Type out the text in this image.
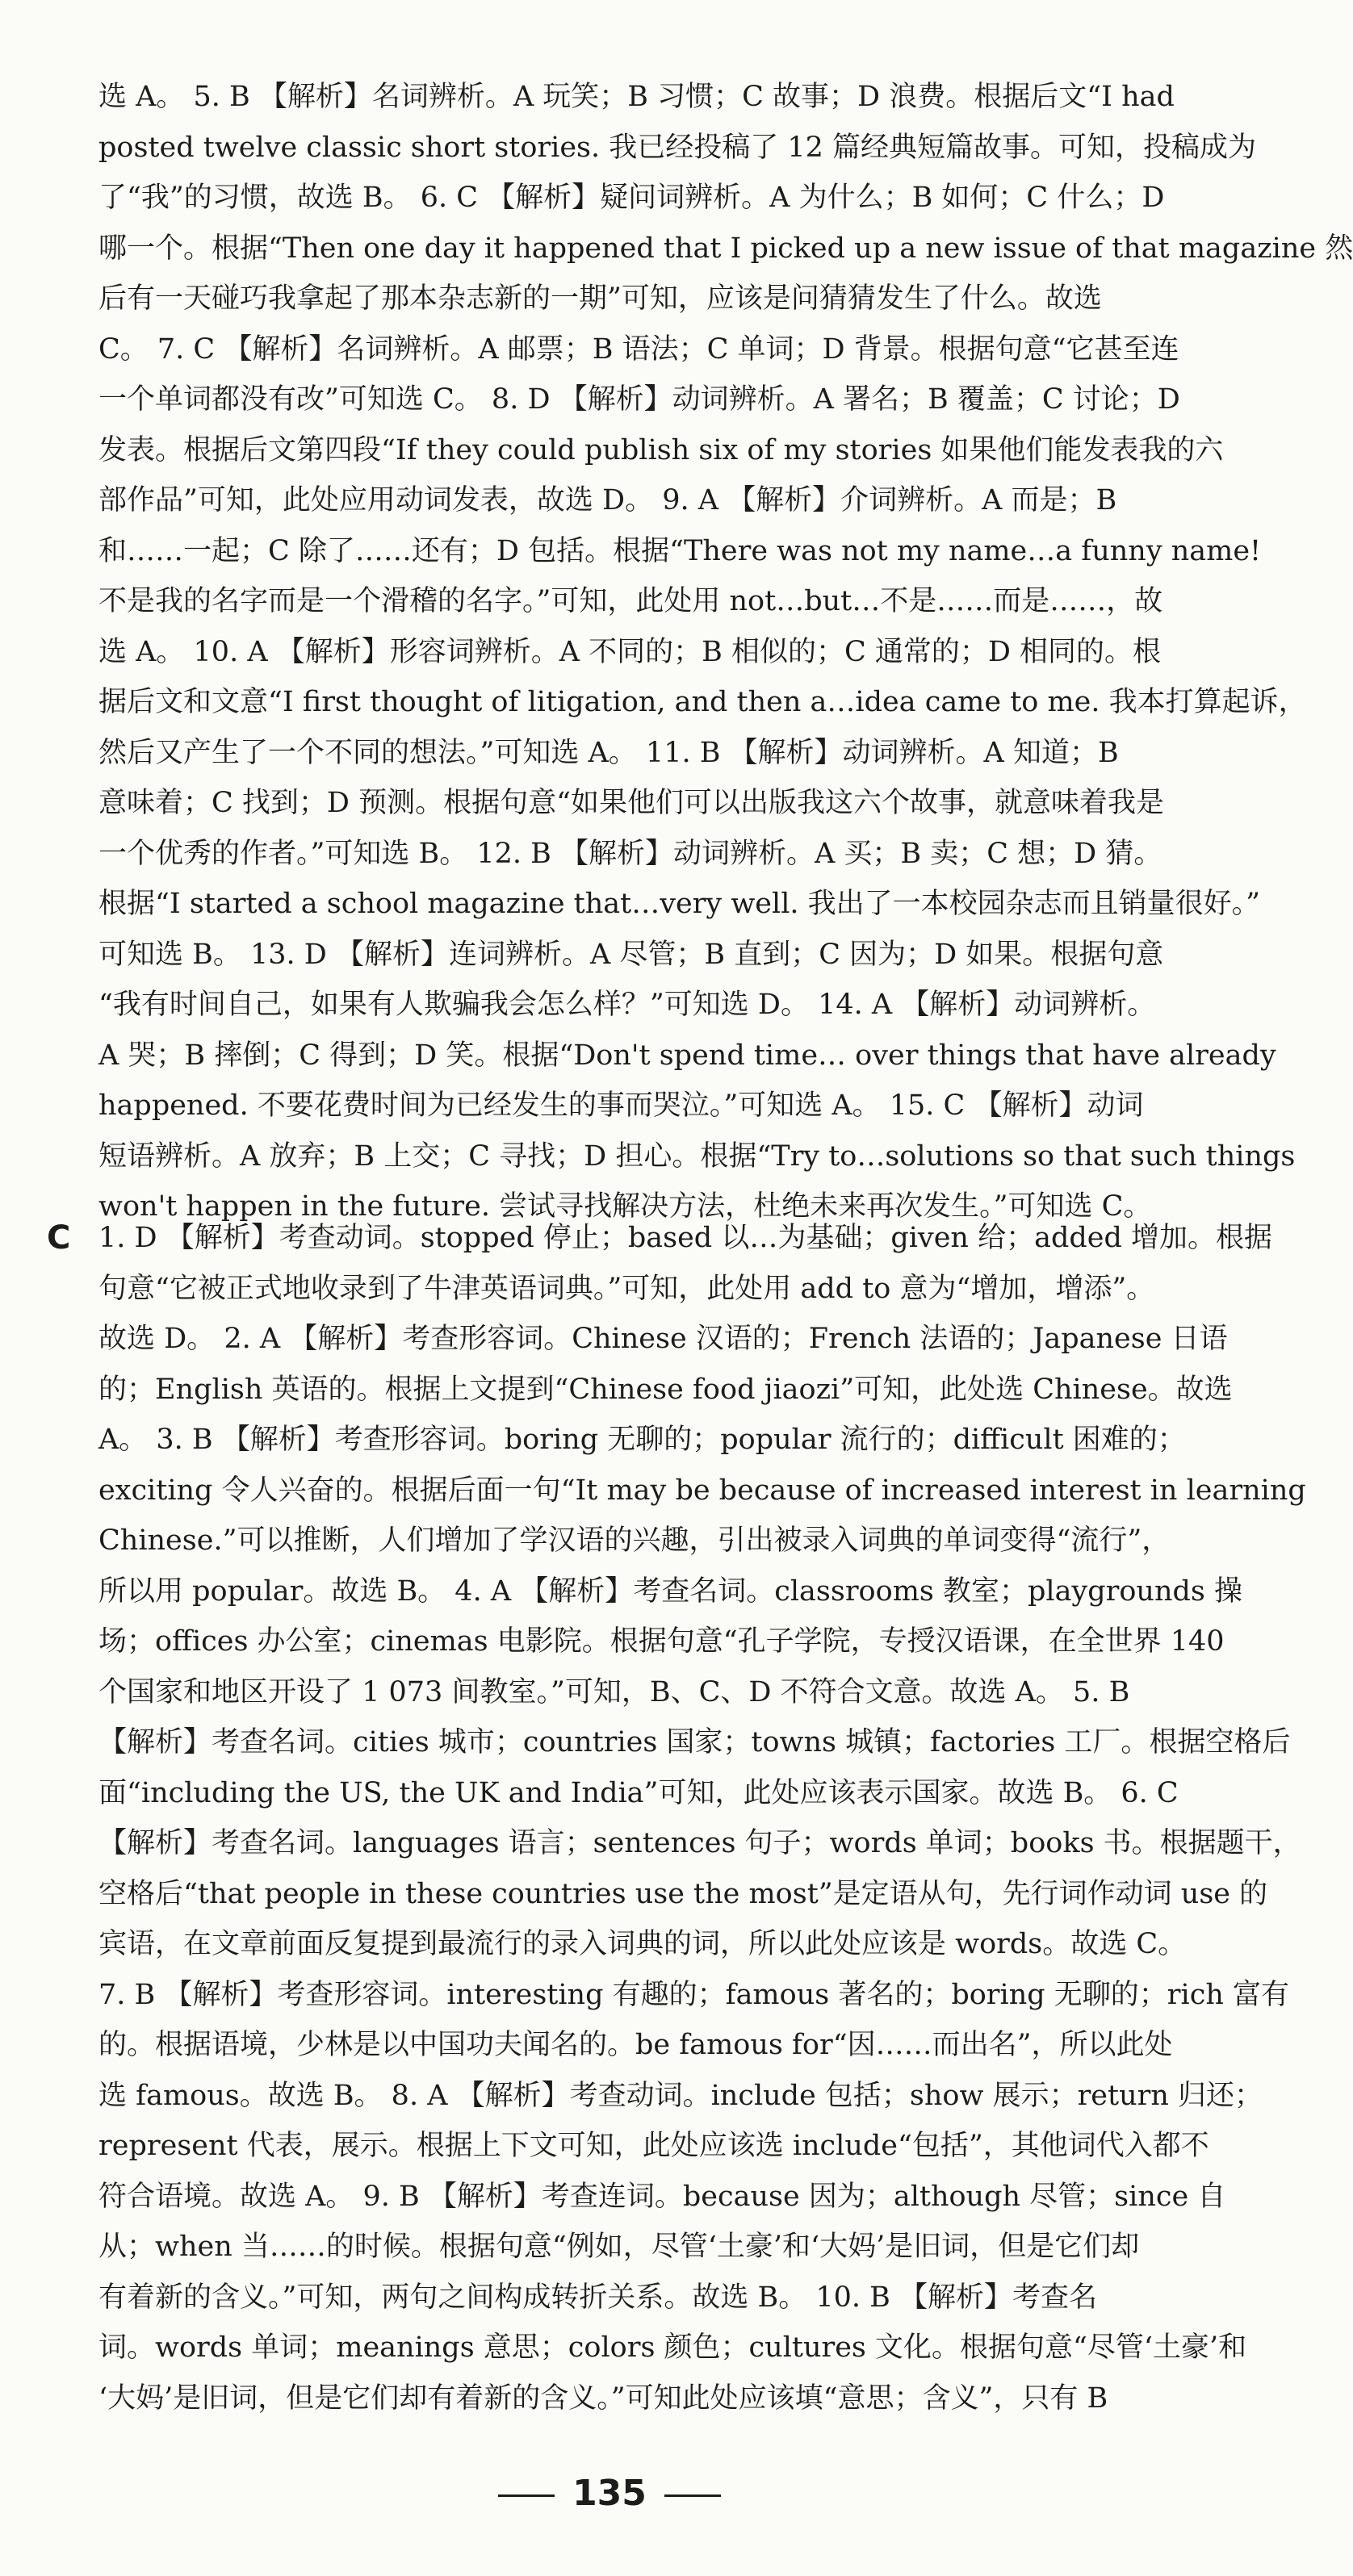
选 A。 5. B 【解析】名词辨析。A 玩笑；B 习惯；C 故事；D 浪费。根据后文“I had
posted twelve classic short stories. 我已经投稿了 12 篇经典短篇故事。可知，投稿成为
了“我”的习惯，故选 B。 6. C 【解析】疑问词辨析。A 为什么；B 如何；C 什么；D
哪一个。根据“Then one day it happened that I picked up a new issue of that magazine 然
后有一天碰巧我拿起了那本杂志新的一期”可知，应该是问猜猜发生了什么。故选
C。 7. C 【解析】名词辨析。A 邮票；B 语法；C 单词；D 背景。根据句意“它甚至连
一个单词都没有改”可知选 C。 8. D 【解析】动词辨析。A 署名；B 覆盖；C 讨论；D
发表。根据后文第四段“If they could publish six of my stories 如果他们能发表我的六
部作品”可知，此处应用动词发表，故选 D。 9. A 【解析】介词辨析。A 而是；B
和……一起；C 除了……还有；D 包括。根据“There was not my name…a funny name!
不是我的名字而是一个滑稽的名字。”可知，此处用 not…but…不是……而是……，故
选 A。 10. A 【解析】形容词辨析。A 不同的；B 相似的；C 通常的；D 相同的。根
据后文和文意“I first thought of litigation, and then a…idea came to me. 我本打算起诉，
然后又产生了一个不同的想法。”可知选 A。 11. B 【解析】动词辨析。A 知道；B
意味着；C 找到；D 预测。根据句意“如果他们可以出版我这六个故事，就意味着我是
一个优秀的作者。”可知选 B。 12. B 【解析】动词辨析。A 买；B 卖；C 想；D 猜。
根据“I started a school magazine that…very well. 我出了一本校园杂志而且销量很好。”
可知选 B。 13. D 【解析】连词辨析。A 尽管；B 直到；C 因为；D 如果。根据句意
“我有时间自己，如果有人欺骗我会怎么样？”可知选 D。 14. A 【解析】动词辨析。
A 哭；B 摔倒；C 得到；D 笑。根据“Don't spend time… over things that have already
happened. 不要花费时间为已经发生的事而哭泣。”可知选 A。 15. C 【解析】动词
短语辨析。A 放弃；B 上交；C 寻找；D 担心。根据“Try to…solutions so that such things
won't happen in the future. 尝试寻找解决方法，杜绝未来再次发生。”可知选 C。
C 1. D 【解析】考查动词。stopped 停止；based 以…为基础；given 给；added 增加。根据
句意“它被正式地收录到了牛津英语词典。”可知，此处用 add to 意为“增加，增添”。
故选 D。 2. A 【解析】考查形容词。Chinese 汉语的；French 法语的；Japanese 日语
的；English 英语的。根据上文提到“Chinese food jiaozi”可知，此处选 Chinese。故选
A。 3. B 【解析】考查形容词。boring 无聊的；popular 流行的；difficult 困难的；
exciting 令人兴奋的。根据后面一句“It may be because of increased interest in learning
Chinese.”可以推断，人们增加了学汉语的兴趣，引出被录入词典的单词变得“流行”，
所以用 popular。故选 B。 4. A 【解析】考查名词。classrooms 教室；playgrounds 操
场；offices 办公室；cinemas 电影院。根据句意“孔子学院，专授汉语课，在全世界 140
个国家和地区开设了 1 073 间教室。”可知，B、C、D 不符合文意。故选 A。 5. B
【解析】考查名词。cities 城市；countries 国家；towns 城镇；factories 工厂。根据空格后
面“including the US, the UK and India”可知，此处应该表示国家。故选 B。 6. C
【解析】考查名词。languages 语言；sentences 句子；words 单词；books 书。根据题干，
空格后“that people in these countries use the most”是定语从句，先行词作动词 use 的
宾语，在文章前面反复提到最流行的录入词典的词，所以此处应该是 words。故选 C。
7. B 【解析】考查形容词。interesting 有趣的；famous 著名的；boring 无聊的；rich 富有
的。根据语境，少林是以中国功夫闻名的。be famous for“因……而出名”，所以此处
选 famous。故选 B。 8. A 【解析】考查动词。include 包括；show 展示；return 归还；
represent 代表，展示。根据上下文可知，此处应该选 include“包括”，其他词代入都不
符合语境。故选 A。 9. B 【解析】考查连词。because 因为；although 尽管；since 自
从；when 当……的时候。根据句意“例如，尽管‘土豪’和‘大妈’是旧词，但是它们却
有着新的含义。”可知，两句之间构成转折关系。故选 B。 10. B 【解析】考查名
词。words 单词；meanings 意思；colors 颜色；cultures 文化。根据句意“尽管‘土豪’和
‘大妈’是旧词，但是它们却有着新的含义。”可知此处应该填“意思；含义”，只有 B
135
